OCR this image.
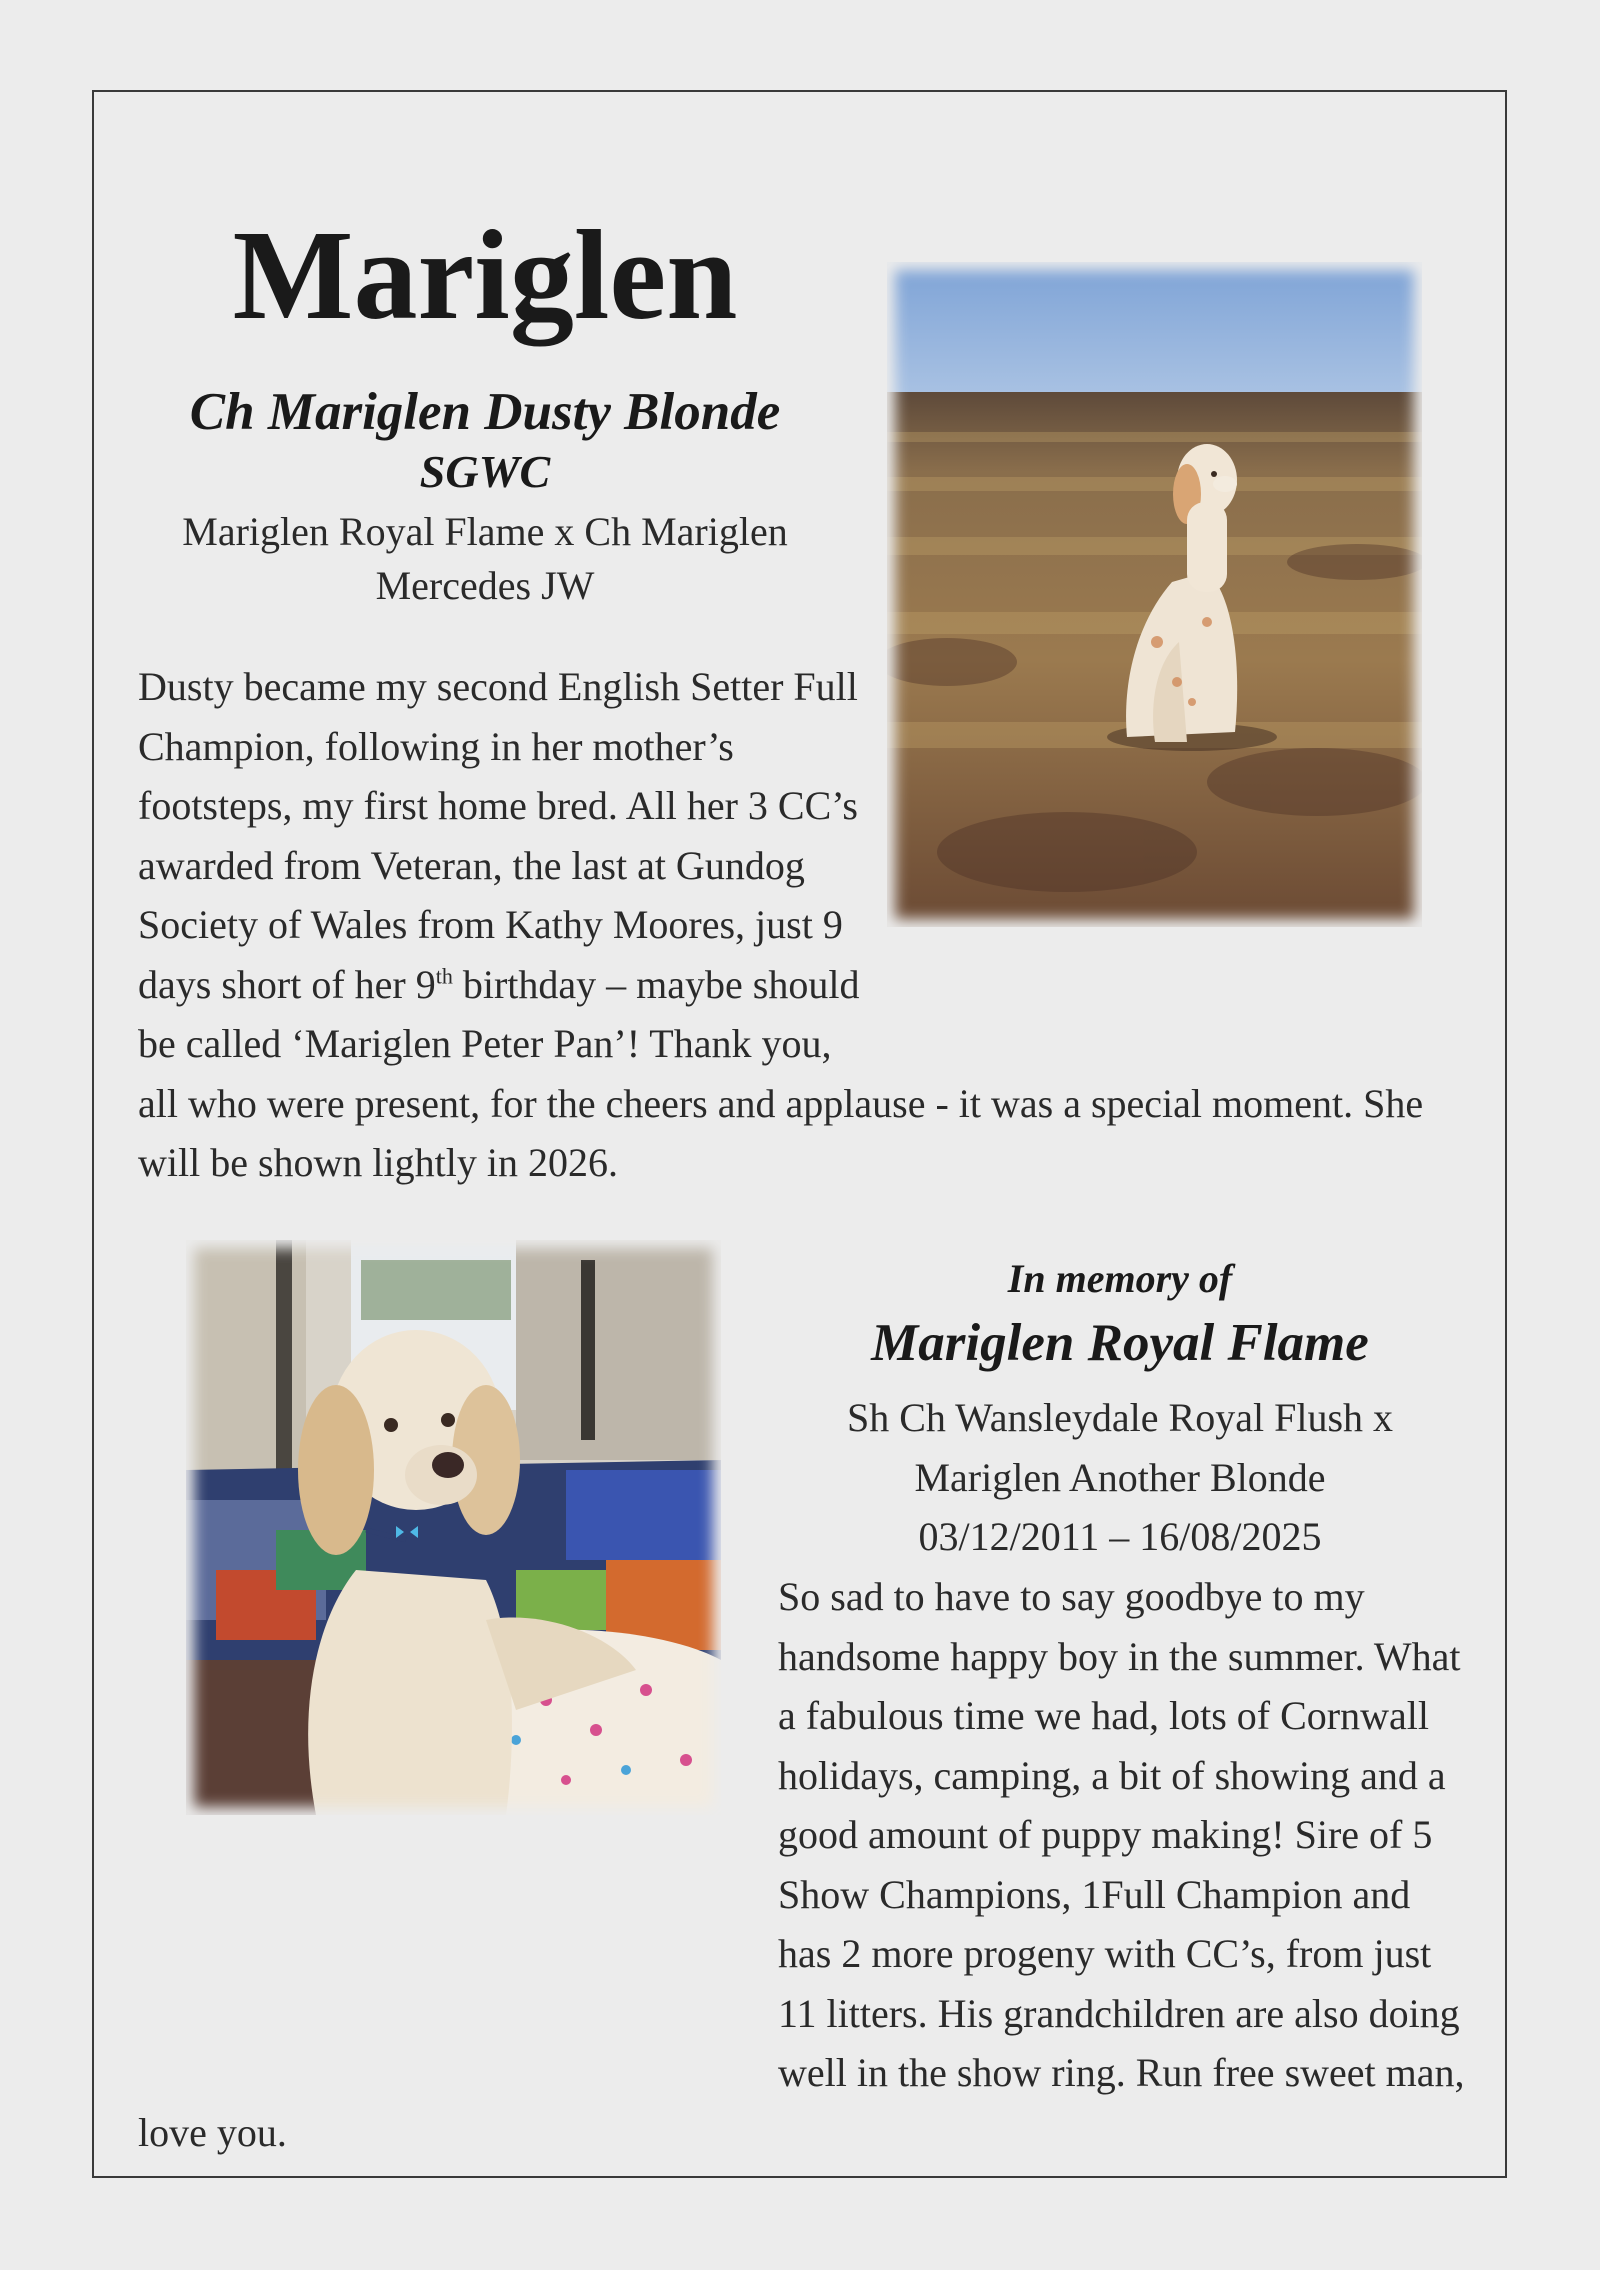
Mariglen
Ch Mariglen Dusty Blonde
SGWC
Mariglen Royal Flame x Ch Mariglen
Mercedes JW
Dusty became my second English Setter Full Champion, following in her mother’s footsteps, my first home bred. All her 3 CC’s awarded from Veteran, the last at Gundog Society of Wales from Kathy Moores, just 9 days short of her 9th birthday – maybe should be called ‘Mariglen Peter Pan’! Thank you, all who were present, for the cheers and applause - it was a special moment. She will be shown lightly in 2026.
In memory of
Mariglen Royal Flame
Sh Ch Wansleydale Royal Flush x
Mariglen Another Blonde
03/12/2011 – 16/08/2025
So sad to have to say goodbye to my handsome happy boy in the summer. What a fabulous time we had, lots of Cornwall holidays, camping, a bit of showing and a good amount of puppy making! Sire of 5 Show Champions, 1Full Champion and has 2 more progeny with CC’s, from just 11 litters. His grandchildren are also doing well in the show ring. Run free sweet man, love you.
